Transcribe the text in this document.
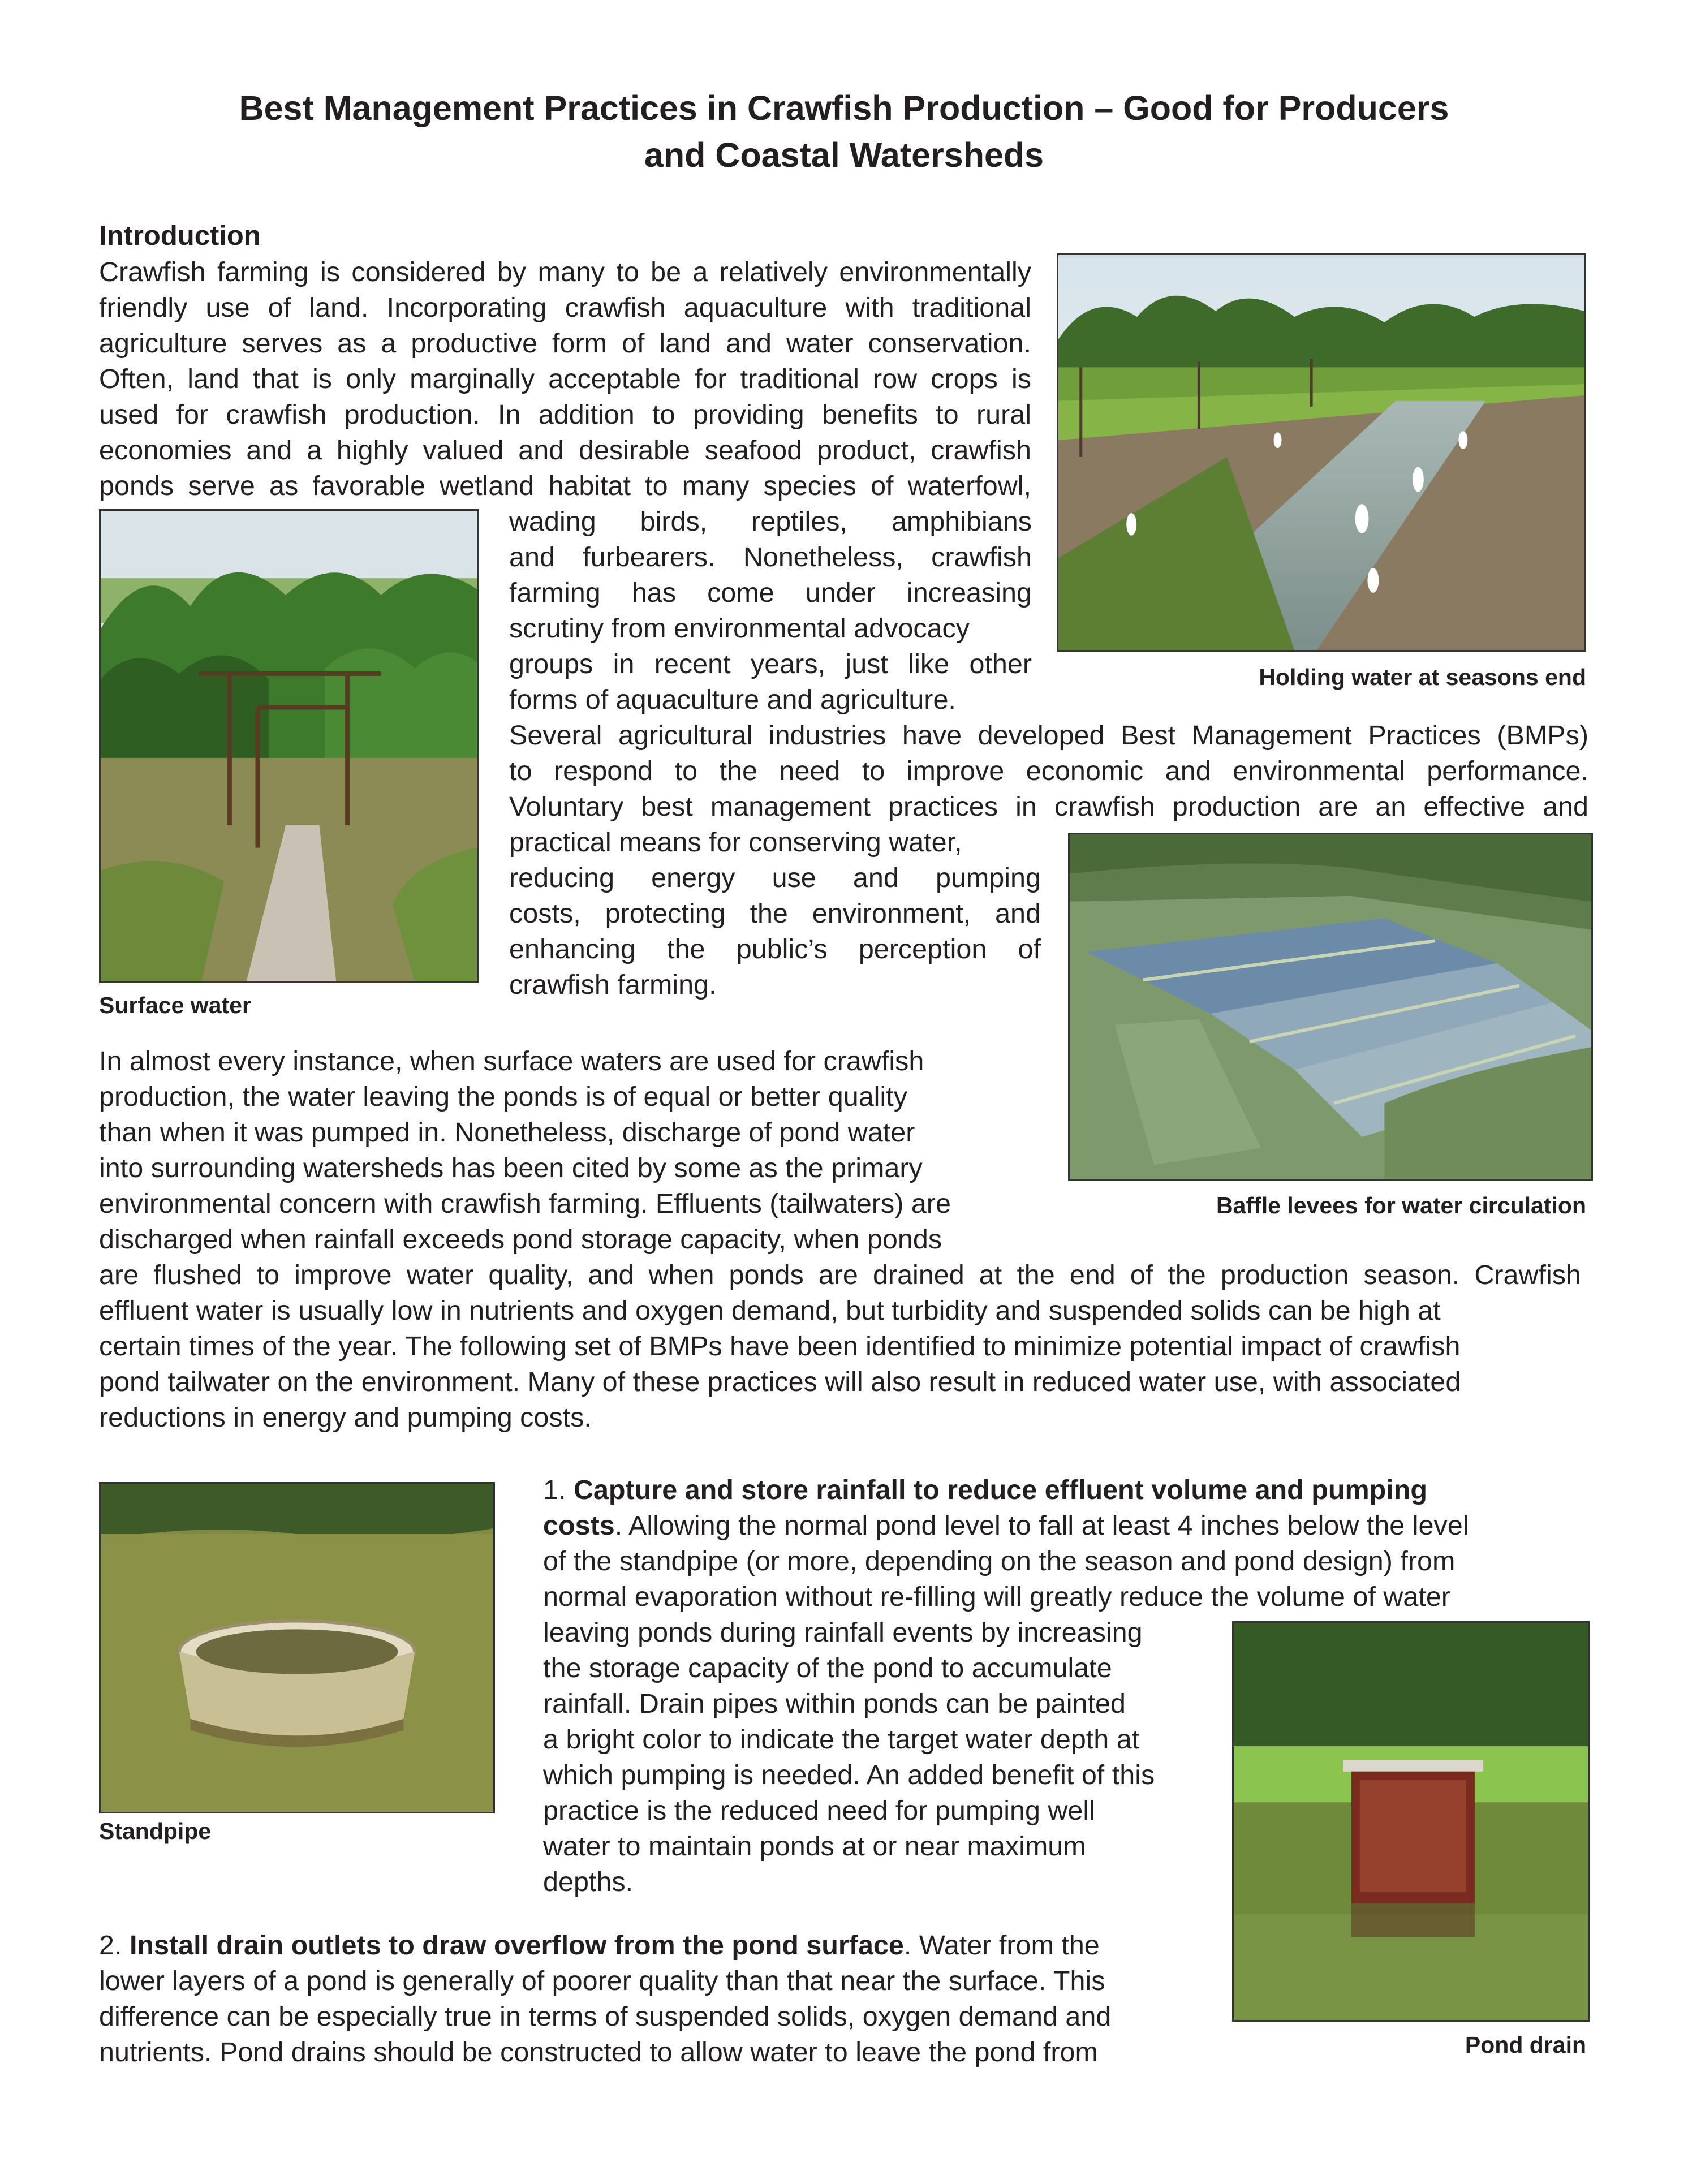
Best Management Practices in Crawfish Production – Good for Producers
and Coastal Watersheds
Introduction
Crawfish farming is considered by many to be a relatively environmentally
friendly use of land. Incorporating crawfish aquaculture with traditional
agriculture serves as a productive form of land and water conservation.
Often, land that is only marginally acceptable for traditional row crops is
used for crawfish production. In addition to providing benefits to rural
economies and a highly valued and desirable seafood product, crawfish
ponds serve as favorable wetland habitat to many species of waterfowl,
wading birds, reptiles, amphibians
and furbearers. Nonetheless, crawfish
farming has come under increasing
scrutiny from environmental advocacy
groups in recent years, just like other
forms of aquaculture and agriculture.
Several agricultural industries have developed Best Management Practices (BMPs)
to respond to the need to improve economic and environmental performance.
Voluntary best management practices in crawfish production are an effective and
practical means for conserving water,
reducing energy use and pumping
costs, protecting the environment, and
enhancing the public’s perception of
crawfish farming.
In almost every instance, when surface waters are used for crawfish
production, the water leaving the ponds is of equal or better quality
than when it was pumped in. Nonetheless, discharge of pond water
into surrounding watersheds has been cited by some as the primary
environmental concern with crawfish farming. Effluents (tailwaters) are
discharged when rainfall exceeds pond storage capacity, when ponds
are flushed to improve water quality, and when ponds are drained at the end of the production season. Crawfish
effluent water is usually low in nutrients and oxygen demand, but turbidity and suspended solids can be high at
certain times of the year. The following set of BMPs have been identified to minimize potential impact of crawfish
pond tailwater on the environment. Many of these practices will also result in reduced water use, with associated
reductions in energy and pumping costs.
1. Capture and store rainfall to reduce effluent volume and pumping
costs. Allowing the normal pond level to fall at least 4 inches below the level
of the standpipe (or more, depending on the season and pond design) from
normal evaporation without re-filling will greatly reduce the volume of water
leaving ponds during rainfall events by increasing
the storage capacity of the pond to accumulate
rainfall. Drain pipes within ponds can be painted
a bright color to indicate the target water depth at
which pumping is needed. An added benefit of this
practice is the reduced need for pumping well
water to maintain ponds at or near maximum
depths.
2. Install drain outlets to draw overflow from the pond surface. Water from the
lower layers of a pond is generally of poorer quality than that near the surface. This
difference can be especially true in terms of suspended solids, oxygen demand and
nutrients. Pond drains should be constructed to allow water to leave the pond from
Holding water at seasons end
Surface water
Baffle levees for water circulation
Standpipe
Pond drain
